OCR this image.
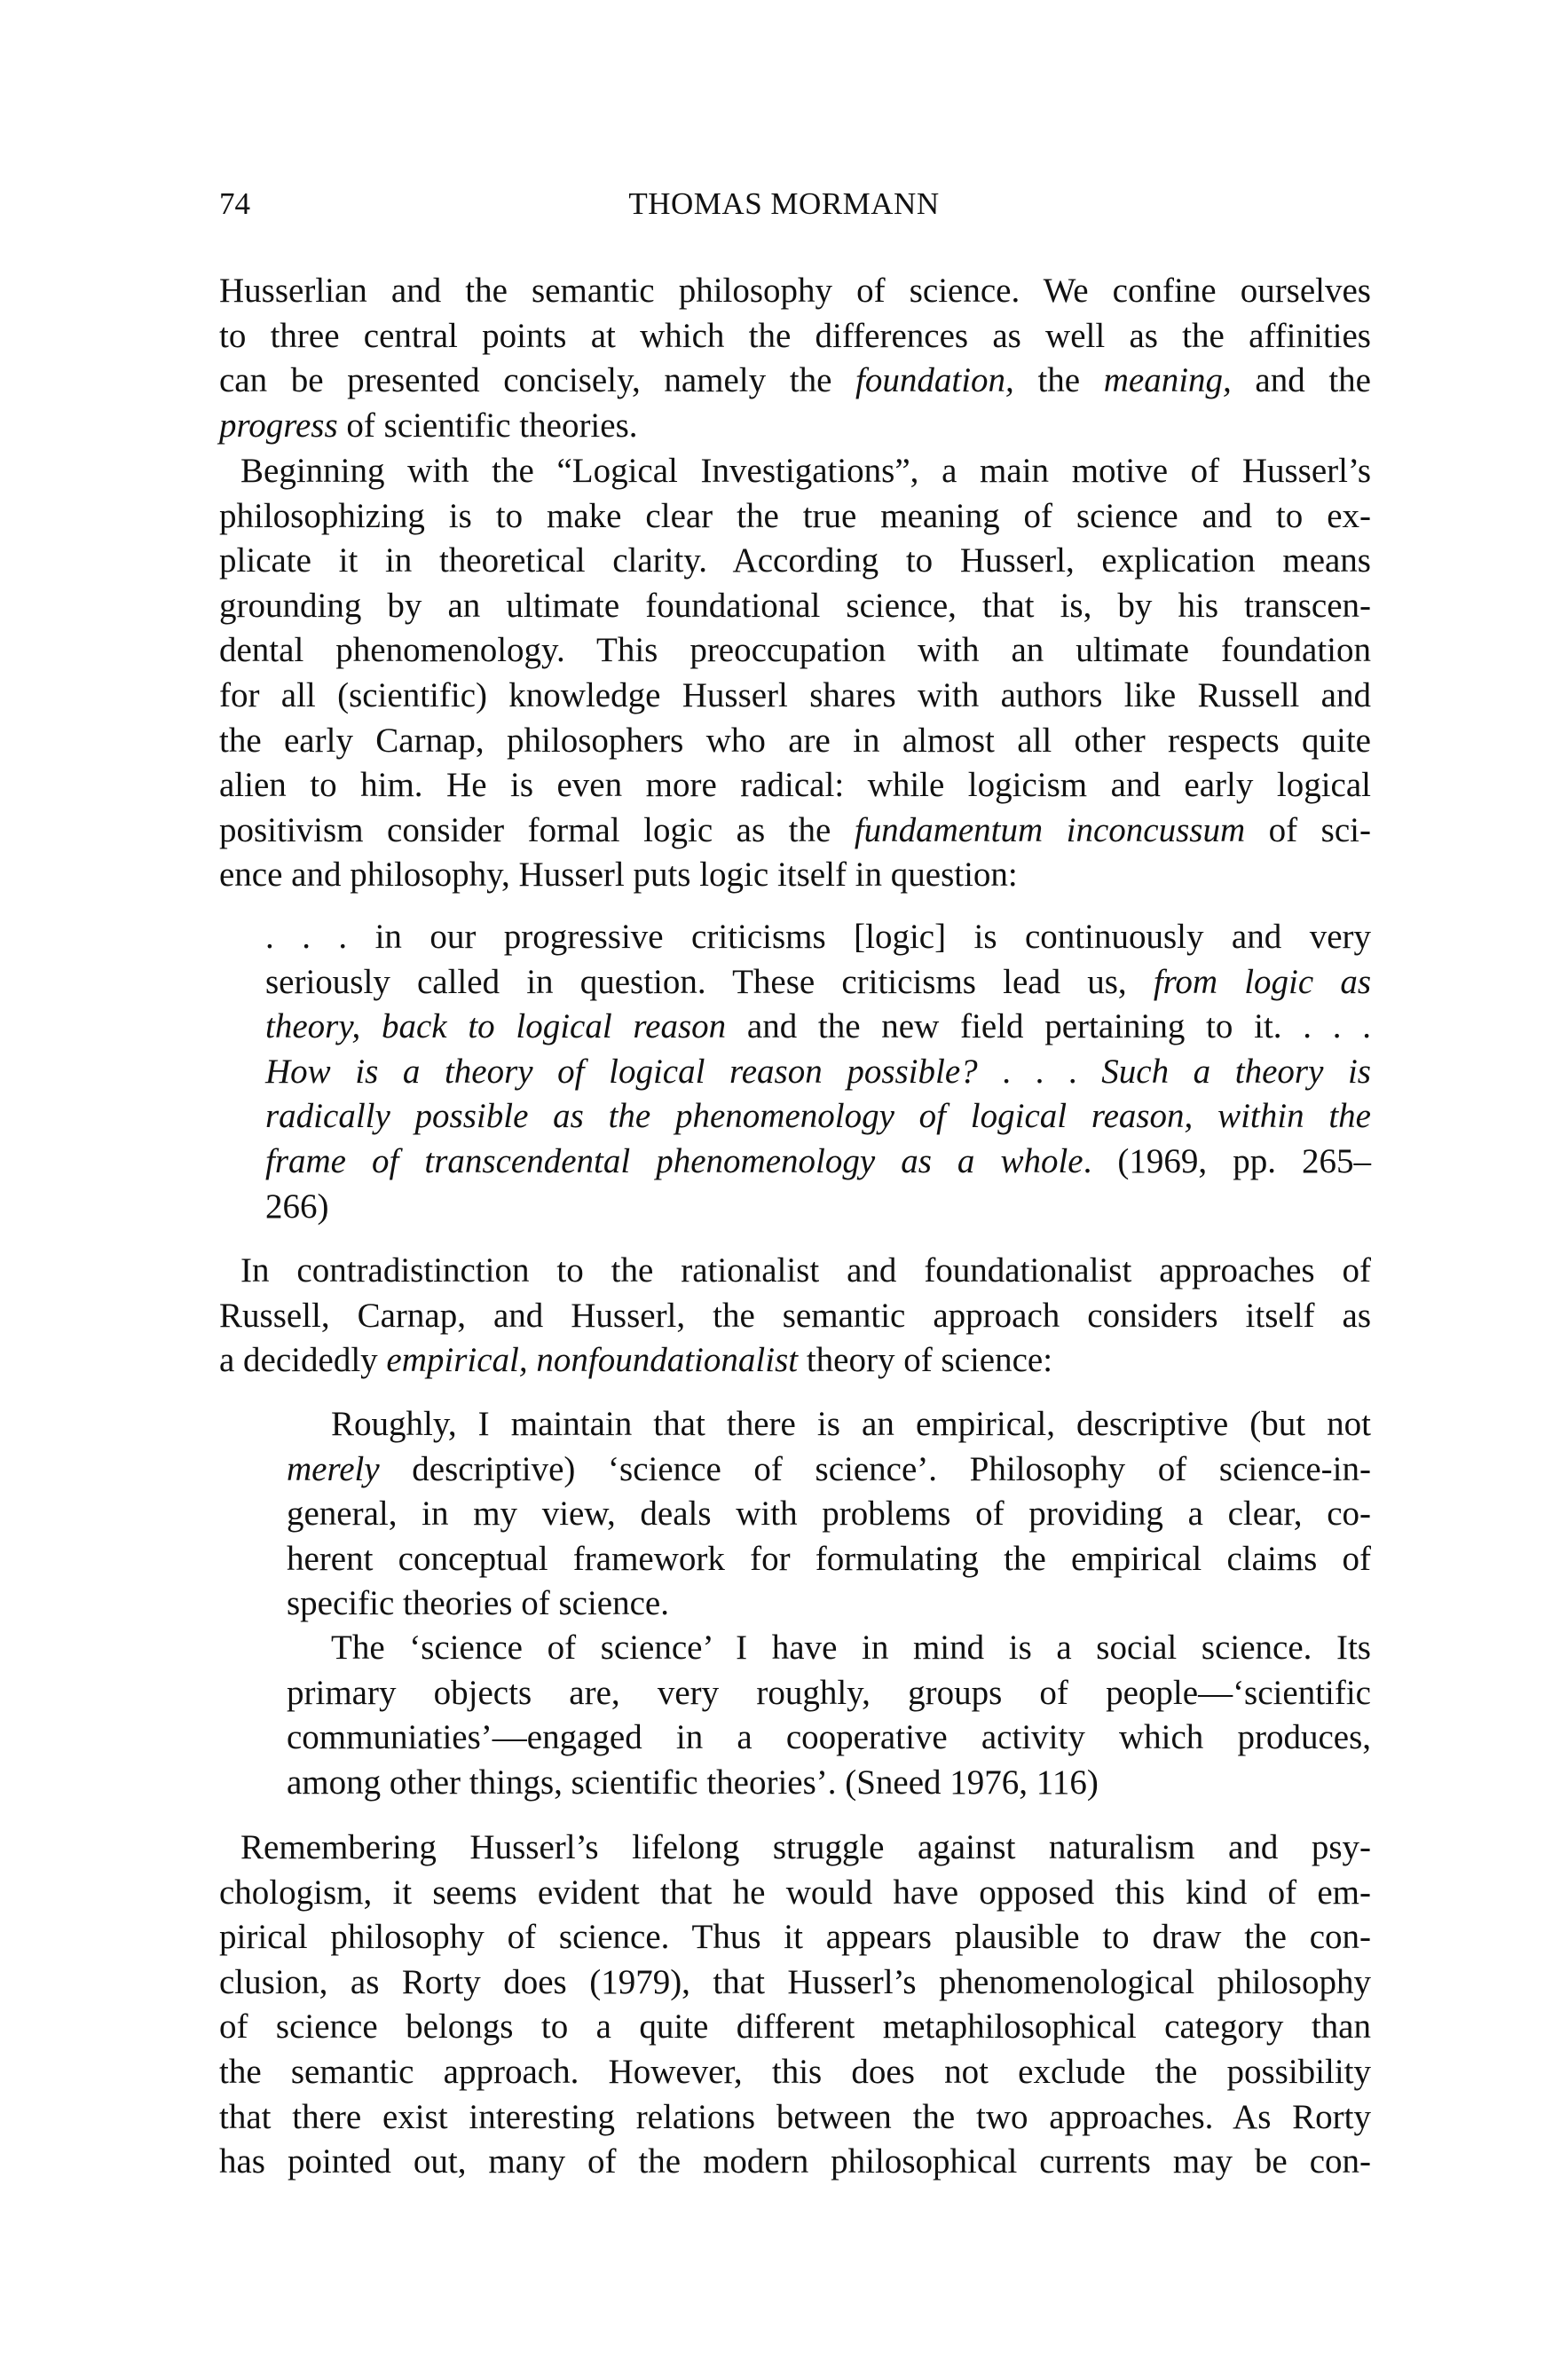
74	THOMAS MORMANN
Husserlian and the semantic philosophy of science. We confine ourselves
to three central points at which the differences as well as the affinities
can be presented concisely, namely the foundation, the meaning, and the
progress of scientific theories.
Beginning with the “Logical Investigations”, a main motive of Husserl’s
philosophizing is to make clear the true meaning of science and to ex-
plicate it in theoretical clarity. According to Husserl, explication means
grounding by an ultimate foundational science, that is, by his transcen-
dental phenomenology. This preoccupation with an ultimate foundation
for all (scientific) knowledge Husserl shares with authors like Russell and
the early Carnap, philosophers who are in almost all other respects quite
alien to him. He is even more radical: while logicism and early logical
positivism consider formal logic as the fundamentum inconcussum of sci-
ence and philosophy, Husserl puts logic itself in question:
. . . in our progressive criticisms [logic] is continuously and very
seriously called in question. These criticisms lead us, from logic as
theory, back to logical reason and the new field pertaining to it. . . .
How is a theory of logical reason possible? . . . Such a theory is
radically possible as the phenomenology of logical reason, within the
frame of transcendental phenomenology as a whole. (1969, pp. 265–
266)
In contradistinction to the rationalist and foundationalist approaches of
Russell, Carnap, and Husserl, the semantic approach considers itself as
a decidedly empirical, nonfoundationalist theory of science:
Roughly, I maintain that there is an empirical, descriptive (but not
merely descriptive) ‘science of science’. Philosophy of science-in-
general, in my view, deals with problems of providing a clear, co-
herent conceptual framework for formulating the empirical claims of
specific theories of science.
The ‘science of science’ I have in mind is a social science. Its
primary objects are, very roughly, groups of people—‘scientific
communiaties’—engaged in a cooperative activity which produces,
among other things, scientific theories’. (Sneed 1976, 116)
Remembering Husserl’s lifelong struggle against naturalism and psy-
chologism, it seems evident that he would have opposed this kind of em-
pirical philosophy of science. Thus it appears plausible to draw the con-
clusion, as Rorty does (1979), that Husserl’s phenomenological philosophy
of science belongs to a quite different metaphilosophical category than
the semantic approach. However, this does not exclude the possibility
that there exist interesting relations between the two approaches. As Rorty
has pointed out, many of the modern philosophical currents may be con-
